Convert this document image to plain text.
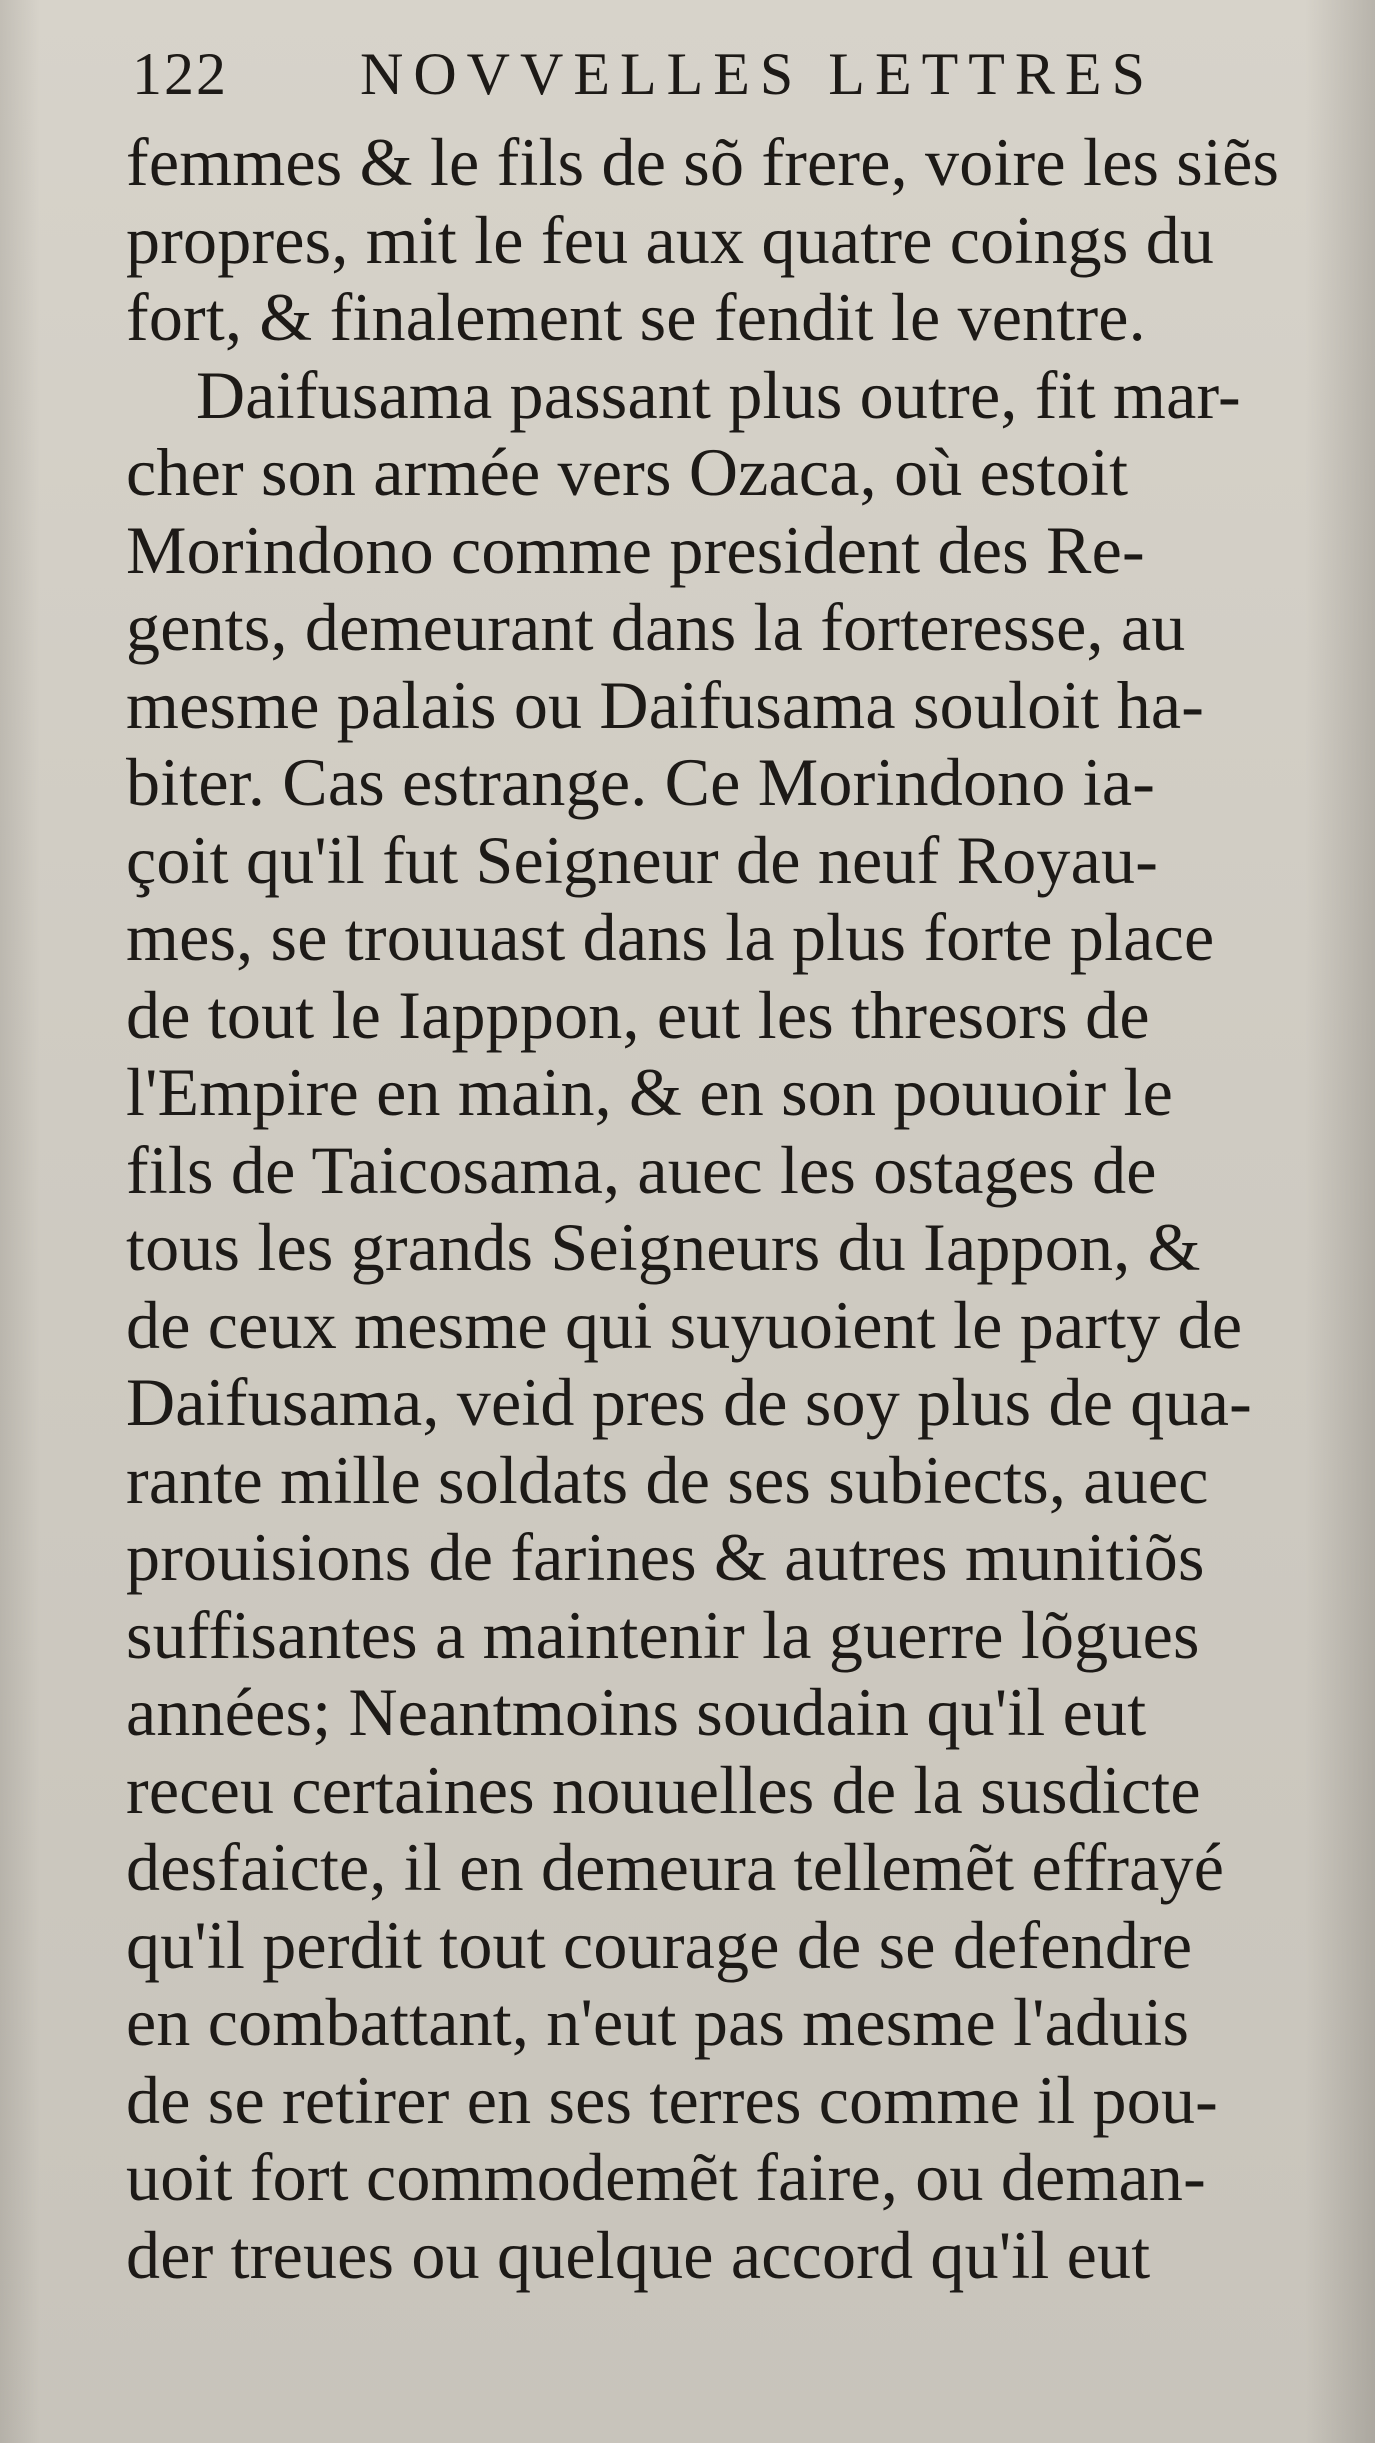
122 NOVVELLES LETTRES
femmes & le fils de sõ frere, voire les siẽs
propres, mit le feu aux quatre coings du
fort, & finalement se fendit le ventre.
Daifusama passant plus outre, fit mar-
cher son armée vers Ozaca, où estoit
Morindono comme president des Re-
gents, demeurant dans la forteresse, au
mesme palais ou Daifusama souloit ha-
biter. Cas estrange. Ce Morindono ia-
çoit qu'il fut Seigneur de neuf Royau-
mes, se trouuast dans la plus forte place
de tout le Iapppon, eut les thresors de
l'Empire en main, & en son pouuoir le
fils de Taicosama, auec les ostages de
tous les grands Seigneurs du Iappon, &
de ceux mesme qui suyuoient le party de
Daifusama, veid pres de soy plus de qua-
rante mille soldats de ses subiects, auec
prouisions de farines & autres munitiõs
suffisantes a maintenir la guerre lõgues
années; Neantmoins soudain qu'il eut
receu certaines nouuelles de la susdicte
desfaicte, il en demeura tellemẽt effrayé
qu'il perdit tout courage de se defendre
en combattant, n'eut pas mesme l'aduis
de se retirer en ses terres comme il pou-
uoit fort commodemẽt faire, ou deman-
der treues ou quelque accord qu'il eut
